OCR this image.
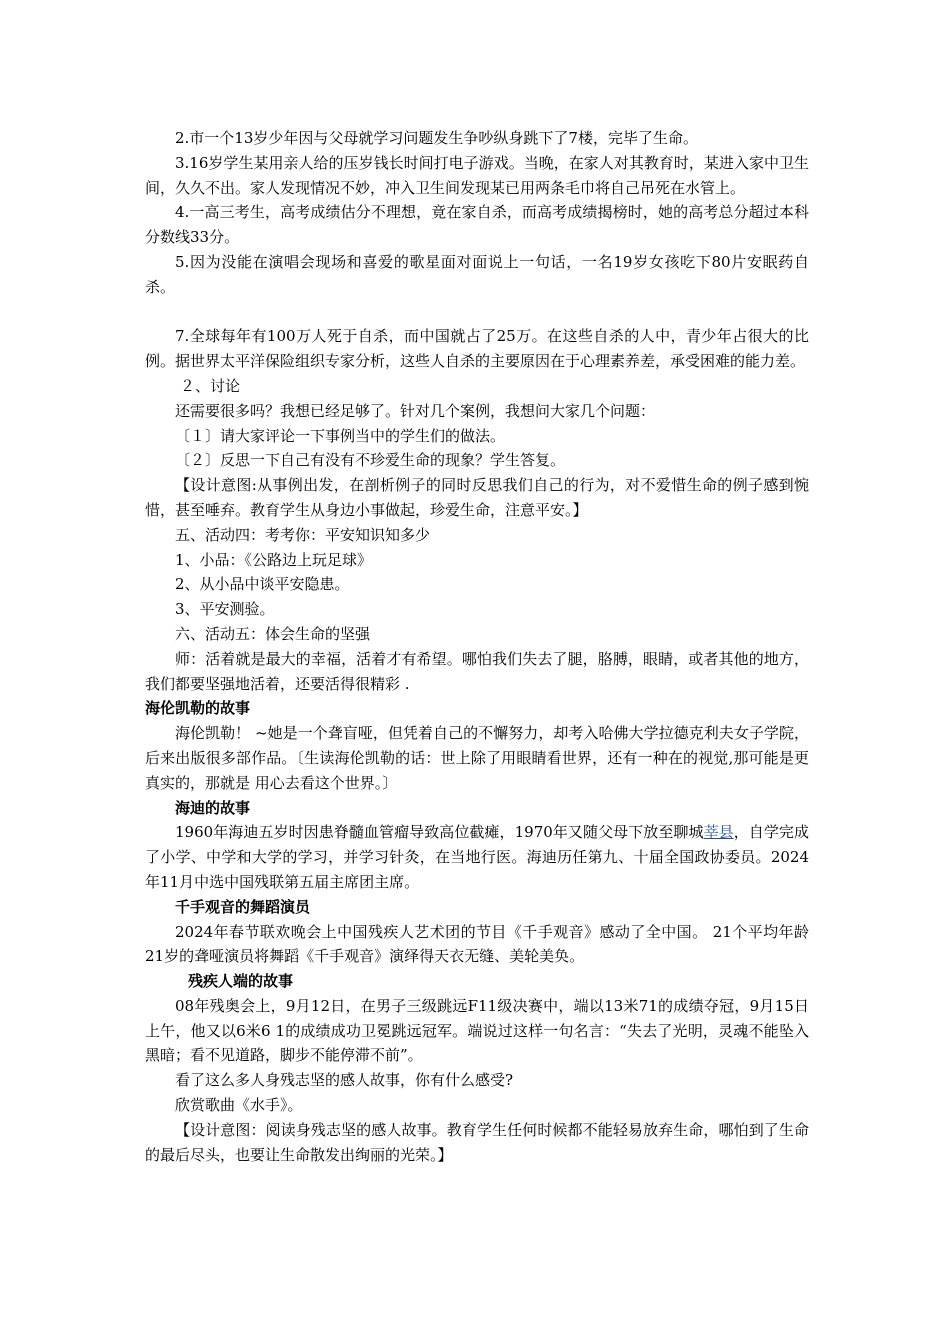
2.市一个13岁少年因与父母就学习问题发生争吵纵身跳下了7楼，完毕了生命。

3.16岁学生某用亲人给的压岁钱长时间打电子游戏。当晚，在家人对其教育时，某进入家中卫生间，久久不出。家人发现情况不妙，冲入卫生间发现某已用两条毛巾将自己吊死在水管上。

4.一高三考生，高考成绩估分不理想，竟在家自杀，而高考成绩揭榜时，她的高考总分超过本科分数线33分。

5.因为没能在演唱会现场和喜爱的歌星面对面说上一句话，一名19岁女孩吃下80片安眠药自杀。

7.全球每年有100万人死于自杀，而中国就占了25万。在这些自杀的人中，青少年占很大的比例。据世界太平洋保险组织专家分析，这些人自杀的主要原因在于心理素养差，承受困难的能力差。

２、讨论

还需要很多吗？我想已经足够了。针对几个案例，我想问大家几个问题：

〔１〕请大家评论一下事例当中的学生们的做法。

〔２〕反思一下自己有没有不珍爱生命的现象？学生答复。

【设计意图:从事例出发，在剖析例子的同时反思我们自己的行为，对不爱惜生命的例子感到惋惜，甚至唾弃。教育学生从身边小事做起，珍爱生命，注意平安。】

五、活动四：考考你：平安知识知多少

1、小品：《公路边上玩足球》

2、从小品中谈平安隐患。

3、平安测验。

六、活动五：体会生命的坚强

师：活着就是最大的幸福，活着才有希望。哪怕我们失去了腿，胳膊，眼睛，或者其他的地方，我们都要坚强地活着，还要活得很精彩 .

海伦凯勒的故事

海伦凯勒！ ~她是一个聋盲哑，但凭着自己的不懈努力，却考入哈佛大学拉德克利夫女子学院，后来出版很多部作品。〔生读海伦凯勒的话：世上除了用眼睛看世界，还有一种在的视觉,那可能是更真实的，那就是 用心去看这个世界。〕

海迪的故事

1960年海迪五岁时因患脊髓血管瘤导致高位截瘫，1970年又随父母下放至聊城莘县，自学完成了小学、中学和大学的学习，并学习针灸，在当地行医。海迪历任第九、十届全国政协委员。2024年11月中选中国残联第五届主席团主席。

千手观音的舞蹈演员

2024年春节联欢晚会上中国残疾人艺术团的节目《千手观音》感动了全中国。 21个平均年龄21岁的聋哑演员将舞蹈《千手观音》演绎得天衣无缝、美轮美奂。

残疾人端的故事

08年残奥会上，9月12日，在男子三级跳远F11级决赛中，端以13米71的成绩夺冠，9月15日上午，他又以6米6 1的成绩成功卫冕跳远冠军。端说过这样一句名言：“失去了光明，灵魂不能坠入黑暗；看不见道路，脚步不能停滞不前”。

看了这么多人身残志坚的感人故事，你有什么感受?

欣赏歌曲《水手》。

【设计意图：阅读身残志坚的感人故事。教育学生任何时候都不能轻易放弃生命，哪怕到了生命的最后尽头，也要让生命散发出绚丽的光荣。】
